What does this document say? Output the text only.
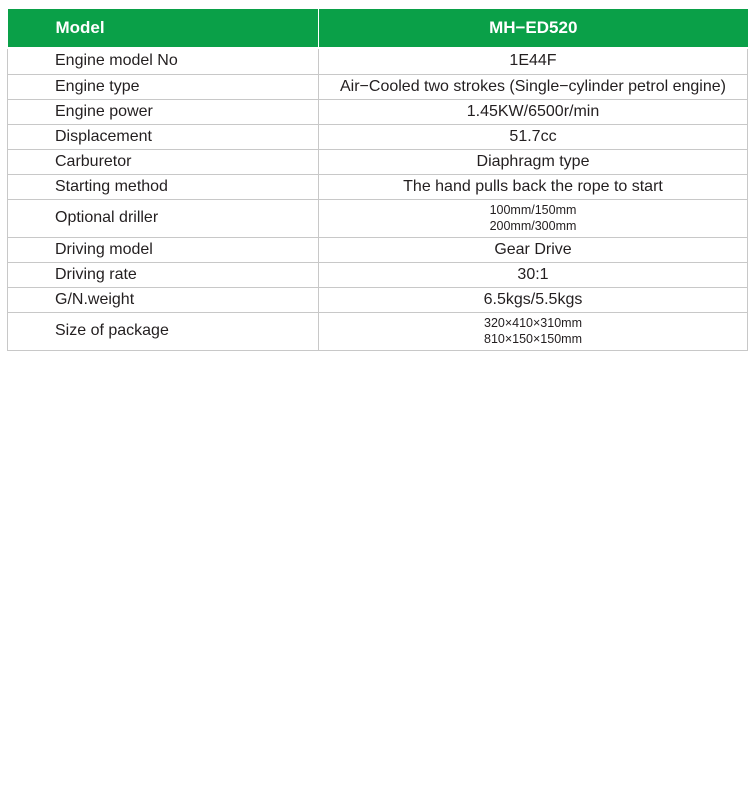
Model	MH−ED520
Engine model No	1E44F
Engine type	Air−Cooled two strokes (Single−cylinder petrol engine)
Engine power	1.45KW/6500r/min
Displacement	51.7cc
Carburetor	Diaphragm type
Starting method	The hand pulls back the rope to start
Optional driller	100mm/150mm
200mm/300mm

Driving model	Gear Drive
Driving rate	30:1
G/N.weight	6.5kgs/5.5kgs
Size of package	320×410×310mm
810×150×150mm
